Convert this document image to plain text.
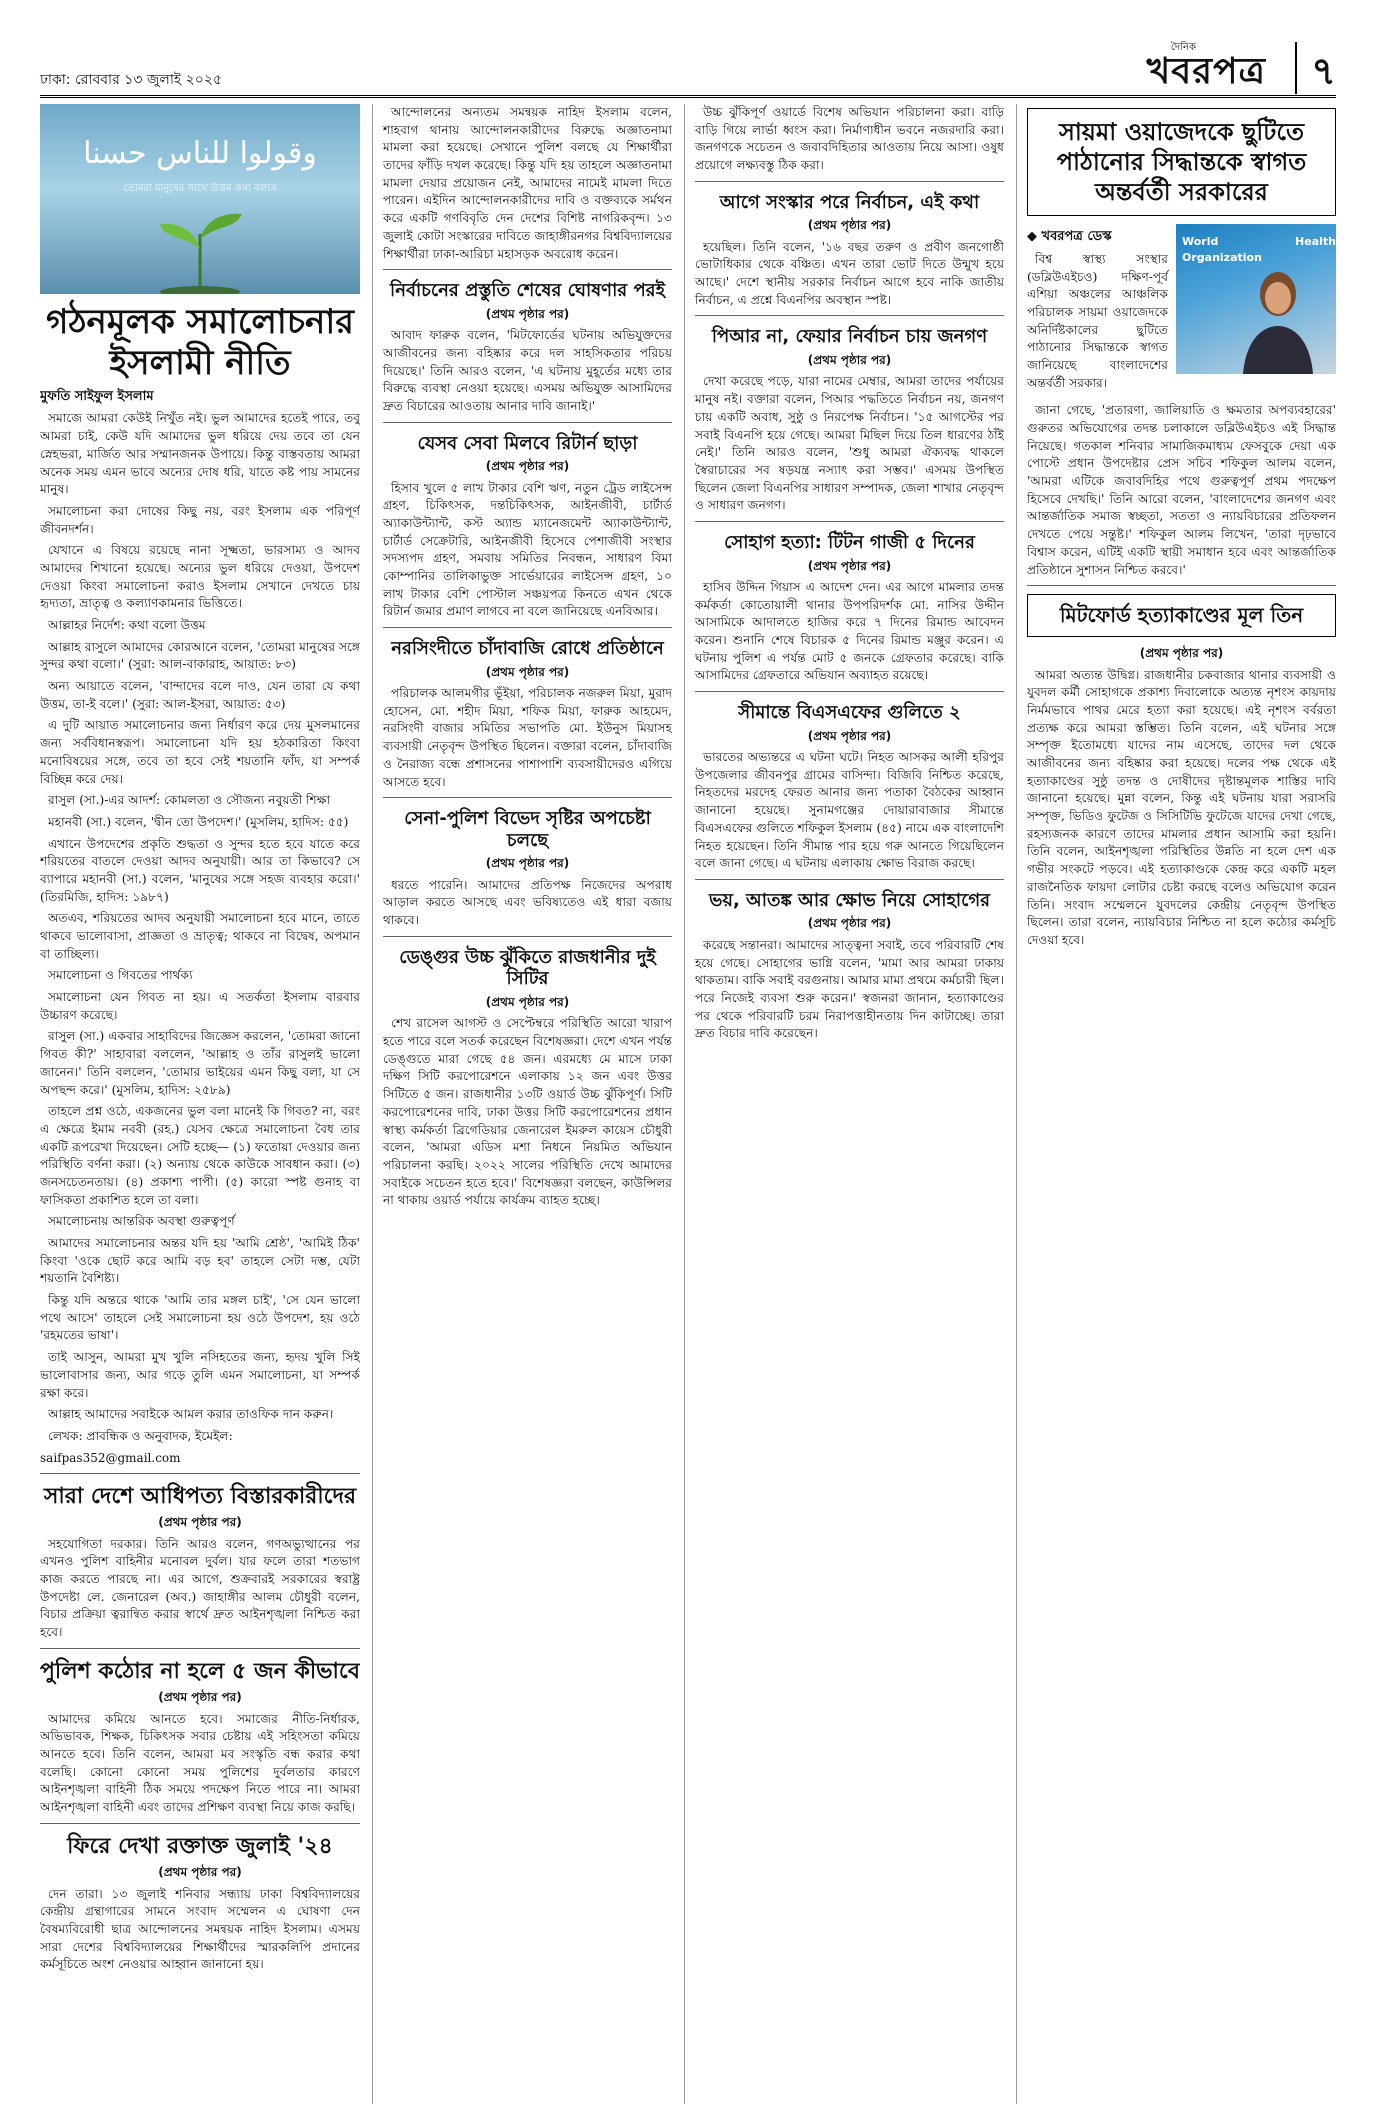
ঢাকা: রোববার ১৩ জুলাই ২০২৫
দৈনিক
খবরপত্র	৭
وقولوا للناس حسنا
তোমরা মানুষের সাথে উত্তম কথা বলবে
গঠনমূলক সমালোচনার ইসলামী নীতি
মুফতি সাইফুল ইসলাম

সমাজে আমরা কেউই নিখুঁত নই। ভুল আমাদের হতেই পারে, তবু আমরা চাই, কেউ যদি আমাদের ভুল ধরিয়ে দেয় তবে তা যেন স্নেহভরা, মার্জিত আর সম্মানজনক উপায়ে। কিন্তু বাস্তবতায় আমরা অনেক সময় এমন ভাবে অন্যের দোষ ধরি, যাতে কষ্ট পায় সামনের মানুষ।

সমালোচনা করা দোষের কিছু নয়, বরং ইসলাম এক পরিপূর্ণ জীবনদর্শন।

যেখানে এ বিষয়ে রয়েছে নানা সূক্ষ্মতা, ভারসাম্য ও আদব আমাদের শিখানো হয়েছে। অন্যের ভুল ধরিয়ে দেওয়া, উপদেশ দেওয়া কিংবা সমালোচনা করাও ইসলাম সেখানে দেখতে চায় হৃদ্যতা, ভ্রাতৃত্ব ও কল্যাণকামনার ভিত্তিতে।

আল্লাহর নির্দেশ: কথা বলো উত্তম

আল্লাহ রাসুলে আমাদের কোরআনে বলেন, 'তোমরা মানুষের সঙ্গে সুন্দর কথা বলো।' (সুরা: আল-বাকারাহ, আয়াত: ৮৩)

অন্য আয়াতে বলেন, 'বান্দাদের বলে দাও, যেন তারা যে কথা উত্তম, তা-ই বলে।' (সুরা: আল-ইসরা, আয়াত: ৫৩)

এ দুটি আয়াত সমালোচনার জন্য নির্ধারণ করে দেয় মুসলমানের জন্য সর্ববিধানস্বরূপ। সমালোচনা যদি হয় হঠকারিতা কিংবা মনোবিষয়ের সঙ্গে, তবে তা হবে সেই শয়তানি ফাঁদ, যা সম্পর্ক বিচ্ছিন্ন করে দেয়।

রাসুল (সা.)-এর আদর্শ: কোমলতা ও সৌজন্য নবুয়তী শিক্ষা

মহানবী (সা.) বলেন, 'দ্বীন তো উপদেশ।' (মুসলিম, হাদিস: ৫৫)

এখানে উপদেশের প্রকৃতি শুদ্ধতা ও সুন্দর হতে হবে যাতে করে শরিয়তের বাতলে দেওয়া আদব অনুযায়ী। আর তা কিভাবে? সে ব্যাপারে মহানবী (সা.) বলেন, 'মানুষের সঙ্গে সহজ ব্যবহার করো।' (তিরমিজি, হাদিস: ১৯৮৭)

অতএব, শরিয়তের আদব অনুযায়ী সমালোচনা হবে মানে, তাতে থাকবে ভালোবাসা, প্রাজ্ঞতা ও ভ্রাতৃত্ব; থাকবে না বিদ্বেষ, অপমান বা তাচ্ছিল্য।

সমালোচনা ও গিবতের পার্থক্য

সমালোচনা যেন গিবত না হয়। এ সতর্কতা ইসলাম বারবার উচ্চারণ করেছে।

রাসুল (সা.) একবার সাহাবিদের জিজ্ঞেস করলেন, 'তোমরা জানো গিবত কী?' সাহাবারা বললেন, 'আল্লাহ ও তাঁর রাসুলই ভালো জানেন।' তিনি বললেন, 'তোমার ভাইয়ের এমন কিছু বলা, যা সে অপছন্দ করে।' (মুসলিম, হাদিস: ২৫৮৯)

তাহলে প্রশ্ন ওঠে, একজনের ভুল বলা মানেই কি গিবত? না, বরং এ ক্ষেত্রে ইমাম নববী (রহ.) যেসব ক্ষেত্রে সমালোচনা বৈধ তার একটি রূপরেখা দিয়েছেন। সেটি হচ্ছে— (১) ফতোয়া দেওয়ার জন্য পরিস্থিতি বর্ণনা করা। (২) অন্যায় থেকে কাউকে সাবধান করা। (৩) জনসচেতনতায়। (৪) প্রকাশ্য পাপী। (৫) কারো স্পষ্ট গুনাহ বা ফাসিকতা প্রকাশিত হলে তা বলা।

সমালোচনায় আন্তরিক অবস্থা গুরুত্বপূর্ণ

আমাদের সমালোচনার অন্তর যদি হয় 'আমি শ্রেষ্ঠ', 'আমিই ঠিক' কিংবা 'ওকে ছোট করে আমি বড় হব' তাহলে সেটা দম্ভ, যেটা শয়তানি বৈশিষ্ট্য।

কিন্তু যদি অন্তরে থাকে 'আমি তার মঙ্গল চাই', 'সে যেন ভালো পথে আসে' তাহলে সেই সমালোচনা হয় ওঠে উপদেশ, হয় ওঠে 'রহমতের ভাষা'।

তাই আসুন, আমরা মুখ খুলি নসিহতের জন্য, হৃদয় খুলি সিই ভালোবাসার জন্য, আর গড়ে তুলি এমন সমালোচনা, যা সম্পর্ক রক্ষা করে।

আল্লাহ আমাদের সবাইকে আমল করার তাওফিক দান করুন।

লেখক: প্রাবন্ধিক ও অনুবাদক, ইমেইল:

saifpas352@gmail.com
সারা দেশে আধিপত্য বিস্তারকারীদের
(প্রথম পৃষ্ঠার পর)

সহযোগিতা দরকার। তিনি আরও বলেন, গণঅভ্যুত্থানের পর এখনও পুলিশ বাহিনীর মনোবল দুর্বল। যার ফলে তারা শতভাগ কাজ করতে পারছে না। এর আগে, শুক্রবারই সরকারের স্বরাষ্ট্র উপদেষ্টা লে. জেনারেল (অব.) জাহাঙ্গীর আলম চৌধুরী বলেন, বিচার প্রক্রিয়া ত্বরান্বিত করার স্বার্থে দ্রুত আইনশৃঙ্খলা নিশ্চিত করা হবে।

পুলিশ কঠোর না হলে ৫ জন কীভাবে
(প্রথম পৃষ্ঠার পর)

আমাদের কমিয়ে আনতে হবে। সমাজের নীতি-নির্ধারক, অভিভাবক, শিক্ষক, চিকিৎসক সবার চেষ্টায় এই সহিংসতা কমিয়ে আনতে হবে। তিনি বলেন, আমরা মব সংস্কৃতি বন্ধ করার কথা বলেছি। কোনো কোনো সময় পুলিশের দুর্বলতার কারণে আইনশৃঙ্খলা বাহিনী ঠিক সময়ে পদক্ষেপ নিতে পারে না। আমরা আইনশৃঙ্খলা বাহিনী এবং তাদের প্রশিক্ষণ ব্যবস্থা নিয়ে কাজ করছি।

ফিরে দেখা রক্তাক্ত জুলাই '২৪
(প্রথম পৃষ্ঠার পর)

দেন তারা। ১৩ জুলাই শনিবার সন্ধ্যায় ঢাকা বিশ্ববিদ্যালয়ের কেন্দ্রীয় গ্রন্থাগারের সামনে সংবাদ সম্মেলন এ ঘোষণা দেন বৈষম্যবিরোধী ছাত্র আন্দোলনের সমন্বয়ক নাহিদ ইসলাম। এসময় সারা দেশের বিশ্ববিদ্যালয়ের শিক্ষার্থীদের স্মারকলিপি প্রদানের কর্মসূচিতে অংশ নেওয়ার আহ্বান জানানো হয়।

আন্দোলনের অন্যতম সমন্বয়ক নাহিদ ইসলাম বলেন, শাহবাগ থানায় আন্দোলনকারীদের বিরুদ্ধে অজ্ঞাতনামা মামলা করা হয়েছে। সেখানে পুলিশ বলছে যে শিক্ষার্থীরা তাদের ফাঁড়ি দখল করেছে। কিন্তু যদি হয় তাহলে অজ্ঞাতনামা মামলা দেয়ার প্রয়োজন নেই, আমাদের নামেই মামলা দিতে পারেন। এইদিন আন্দোলনকারীদের দাবি ও বক্তব্যকে সর্মথন করে একটি গণবিবৃতি দেন দেশের বিশিষ্ট নাগরিকবৃন্দ। ১৩ জুলাই কোটা সংস্কারের দাবিতে জাহাঙ্গীরনগর বিশ্ববিদ্যালয়ের শিক্ষার্থীরা ঢাকা-আরিচা মহাসড়ক অবরোধ করেন।

নির্বাচনের প্রস্তুতি শেষের ঘোষণার পরই
(প্রথম পৃষ্ঠার পর)

আবাদ ফারুক বলেন, 'মিটফোর্ডের ঘটনায় অভিযুক্তদের আজীবনের জন্য বহিষ্কার করে দল সাহসিকতার পরিচয় দিয়েছে।' তিনি আরও বলেন, 'এ ঘটনায় মুহূর্তের মধ্যে তার বিরুদ্ধে ব্যবস্থা নেওয়া হয়েছে। এসময় অভিযুক্ত আসামিদের দ্রুত বিচারের আওতায় আনার দাবি জানাই।'

যেসব সেবা মিলবে রিটার্ন ছাড়া
(প্রথম পৃষ্ঠার পর)

হিসাব খুলে ৫ লাখ টাকার বেশি ঋণ, নতুন ট্রেড লাইসেন্স গ্রহণ, চিকিৎসক, দন্তচিকিৎসক, আইনজীবী, চার্টার্ড অ্যাকাউন্ট্যান্ট, কস্ট অ্যান্ড ম্যানেজমেন্ট অ্যাকাউন্ট্যান্ট, চার্টার্ড সেক্রেটারি, আইনজীবী হিসেবে পেশাজীবী সংস্থার সদস্যপদ গ্রহণ, সমবায় সমিতির নিবন্ধন, সাধারণ বিমা কোম্পানির তালিকাভুক্ত সার্ভেয়ারের লাইসেন্স গ্রহণ, ১০ লাখ টাকার বেশি পোস্টাল সঞ্চয়পত্র কিনতে এখন থেকে রিটার্ন জমার প্রমাণ লাগবে না বলে জানিয়েছে এনবিআর।

নরসিংদীতে চাঁদাবাজি রোধে প্রতিষ্ঠানে
(প্রথম পৃষ্ঠার পর)

পরিচালক আলমগীর ভূঁইয়া, পরিচালক নজরুল মিয়া, মুরাদ হোসেন, মো. শহীদ মিয়া, শফিক মিয়া, ফারুক আহমেদ, নরসিংদী বাজার সমিতির সভাপতি মো. ইউনুস মিয়াসহ ব্যবসায়ী নেতৃবৃন্দ উপস্থিত ছিলেন। বক্তারা বলেন, চাঁদাবাজি ও নৈরাজ্য বন্ধে প্রশাসনের পাশাপাশি ব্যবসায়ীদেরও এগিয়ে আসতে হবে।

সেনা-পুলিশ বিভেদ সৃষ্টির অপচেষ্টা চলছে
(প্রথম পৃষ্ঠার পর)

ধরতে পারেনি। আমাদের প্রতিপক্ষ নিজেদের অপরাধ আড়াল করতে আসছে এবং ভবিষ্যতেও এই ধারা বজায় থাকবে।

ডেঙ্গুর উচ্চ ঝুঁকিতে রাজধানীর দুই সিটির
(প্রথম পৃষ্ঠার পর)

শেখ রাসেল আগস্ট ও সেপ্টেম্বরে পরিস্থিতি আরো খারাপ হতে পারে বলে সতর্ক করেছেন বিশেষজ্ঞরা। দেশে এখন পর্যন্ত ডেঙ্গুতে মারা গেছে ৫৪ জন। এরমধ্যে মে মাসে ঢাকা দক্ষিণ সিটি করপোরেশনে এলাকায় ১২ জন এবং উত্তর সিটিতে ৫ জন। রাজধানীর ১৩টি ওয়ার্ড উচ্চ ঝুঁকিপূর্ণ। সিটি করপোরেশনের দাবি, ঢাকা উত্তর সিটি করপোরেশনের প্রধান স্বাস্থ্য কর্মকর্তা ব্রিগেডিয়ার জেনারেল ইমরুল কায়েস চৌধুরী বলেন, 'আমরা এডিস মশা নিধনে নিয়মিত অভিযান পরিচালনা করছি। ২০২২ সালের পরিস্থিতি দেখে আমাদের সবাইকে সচেতন হতে হবে।' বিশেষজ্ঞরা বলছেন, কাউন্সিলর না থাকায় ওয়ার্ড পর্যায়ে কার্যক্রম ব্যাহত হচ্ছে।

উচ্চ ঝুঁকিপূর্ণ ওয়ার্ডে বিশেষ অভিযান পরিচালনা করা। বাড়ি বাড়ি গিয়ে লার্ভা ধ্বংস করা। নির্মাণাধীন ভবনে নজরদারি করা। জনগণকে সচেতন ও জবাবদিহিতার আওতায় নিয়ে আসা। ওষুধ প্রয়োগে লক্ষ্যবস্তু ঠিক করা।

আগে সংস্কার পরে নির্বাচন, এই কথা
(প্রথম পৃষ্ঠার পর)

হয়েছিল। তিনি বলেন, '১৬ বছর তরুণ ও প্রবীণ জনগোষ্ঠী ভোটাধিকার থেকে বঞ্চিত। এখন তারা ভোট দিতে উন্মুখ হয়ে আছে।' দেশে স্থানীয় সরকার নির্বাচন আগে হবে নাকি জাতীয় নির্বাচন, এ প্রশ্নে বিএনপির অবস্থান স্পষ্ট।

পিআর না, ফেয়ার নির্বাচন চায় জনগণ
(প্রথম পৃষ্ঠার পর)

দেখা করেছে পড়ে, যারা নামের মেম্বার, আমরা তাদের পর্যায়ের মানুষ নই। বক্তারা বলেন, পিআর পদ্ধতিতে নির্বাচন নয়, জনগণ চায় একটি অবাধ, সুষ্ঠু ও নিরপেক্ষ নির্বাচন। '১৫ আগস্টের পর সবাই বিএনপি হয়ে গেছে। আমরা মিছিল দিয়ে তিল ধারণের ঠাঁই নেই।' তিনি আরও বলেন, 'শুধু আমরা ঐক্যবদ্ধ থাকলে স্বৈরাচারের সব ষড়যন্ত্র নস্যাৎ করা সম্ভব।' এসময় উপস্থিত ছিলেন জেলা বিএনপির সাধারণ সম্পাদক, জেলা শাখার নেতৃবৃন্দ ও সাধারণ জনগণ।

সোহাগ হত্যা: টিটন গাজী ৫ দিনের
(প্রথম পৃষ্ঠার পর)

হাসিব উদ্দিন গিয়াস এ আদেশ দেন। এর আগে মামলার তদন্ত কর্মকর্তা কোতোয়ালী থানার উপপরিদর্শক মো. নাসির উদ্দীন আসামিকে আদালতে হাজির করে ৭ দিনের রিমান্ড আবেদন করেন। শুনানি শেষে বিচারক ৫ দিনের রিমান্ড মঞ্জুর করেন। এ ঘটনায় পুলিশ এ পর্যন্ত মোট ৫ জনকে গ্রেফতার করেছে। বাকি আসামিদের গ্রেফতারে অভিযান অব্যাহত রয়েছে।

সীমান্তে বিএসএফের গুলিতে ২
(প্রথম পৃষ্ঠার পর)

ভারতের অভ্যন্তরে এ ঘটনা ঘটে। নিহত আসকর আলী হরিপুর উপজেলার জীবনপুর গ্রামের বাসিন্দা। বিজিবি নিশ্চিত করেছে, নিহতদের মরদেহ ফেরত আনার জন্য পতাকা বৈঠকের আহ্বান জানানো হয়েছে। সুনামগঞ্জের দোয়ারাবাজার সীমান্তে বিএসএফের গুলিতে শফিকুল ইসলাম (৪৫) নামে এক বাংলাদেশি নিহত হয়েছেন। তিনি সীমান্ত পার হয়ে গরু আনতে গিয়েছিলেন বলে জানা গেছে। এ ঘটনায় এলাকায় ক্ষোভ বিরাজ করছে।

ভয়, আতঙ্ক আর ক্ষোভ নিয়ে সোহাগের
(প্রথম পৃষ্ঠার পর)

করেছে সন্তানরা। আমাদের সাত্ত্বনা সবাই, তবে পরিবারটি শেষ হয়ে গেছে। সোহাগের ভাগ্নি বলেন, 'মামা আর আমরা ঢাকায় থাকতাম। বাকি সবাই বরগুনায়। আমার মামা প্রথমে কর্মচারী ছিল। পরে নিজেই ব্যবসা শুরু করেন।' স্বজনরা জানান, হত্যাকাণ্ডের পর থেকে পরিবারটি চরম নিরাপত্তাহীনতায় দিন কাটাচ্ছে। তারা দ্রুত বিচার দাবি করেছেন।

সায়মা ওয়াজেদকে ছুটিতে পাঠানোর সিদ্ধান্তকে স্বাগত অন্তর্বর্তী সরকারের
◆ খবরপত্র ডেস্ক

বিশ্ব স্বাস্থ্য সংস্থার (ডব্লিউএইচও) দক্ষিণ-পূর্ব এশিয়া অঞ্চলের আঞ্চলিক পরিচালক সায়মা ওয়াজেদকে অনির্দিষ্টকালের ছুটিতে পাঠানোর সিদ্ধান্তকে স্বাগত জানিয়েছে বাংলাদেশের অন্তর্বর্তী সরকার।

World Health Organization

জানা গেছে, 'প্রতারণা, জালিয়াতি ও ক্ষমতার অপব্যবহারের' গুরুতর অভিযোগের তদন্ত চলাকালে ডব্লিউএইচও এই সিদ্ধান্ত নিয়েছে। গতকাল শনিবার সামাজিকমাধ্যম ফেসবুকে দেয়া এক পোস্টে প্রধান উপদেষ্টার প্রেস সচিব শফিকুল আলম বলেন, 'আমরা এটিকে জবাবদিহির পথে গুরুত্বপূর্ণ প্রথম পদক্ষেপ হিসেবে দেখছি।' তিনি আরো বলেন, 'বাংলাদেশের জনগণ এবং আন্তর্জাতিক সমাজ স্বচ্ছতা, সততা ও ন্যায়বিচারের প্রতিফলন দেখতে পেয়ে সন্তুষ্ট।' শফিকুল আলম লিখেন, 'তারা দৃঢ়ভাবে বিশ্বাস করেন, এটিই একটি স্থায়ী সমাধান হবে এবং আন্তর্জাতিক প্রতিষ্ঠানে সুশাসন নিশ্চিত করবে।'

মিটফোর্ড হত্যাকাণ্ডের মূল তিন
(প্রথম পৃষ্ঠার পর)

আমরা অত্যন্ত উদ্বিগ্ন। রাজধানীর চকবাজার থানার ব্যবসায়ী ও যুবদল কর্মী সোহাগকে প্রকাশ্য দিবালোকে অত্যন্ত নৃশংস কায়দায় নির্মমভাবে পাথর মেরে হত্যা করা হয়েছে। এই নৃশংস বর্বরতা প্রত্যক্ষ করে আমরা স্তম্ভিত। তিনি বলেন, এই ঘটনার সঙ্গে সম্পৃক্ত ইতোমধ্যে যাদের নাম এসেছে, তাদের দল থেকে আজীবনের জন্য বহিষ্কার করা হয়েছে। দলের পক্ষ থেকে এই হত্যাকাণ্ডের সুষ্ঠু তদন্ত ও দোষীদের দৃষ্টান্তমূলক শাস্তির দাবি জানানো হয়েছে। মুন্না বলেন, কিন্তু এই ঘটনায় যারা সরাসরি সম্পৃক্ত, ভিডিও ফুটেজ ও সিসিটিভি ফুটেজে যাদের দেখা গেছে, রহস্যজনক কারণে তাদের মামলার প্রধান আসামি করা হয়নি। তিনি বলেন, আইনশৃঙ্খলা পরিস্থিতির উন্নতি না হলে দেশ এক গভীর সংকটে পড়বে। এই হত্যাকাণ্ডকে কেন্দ্র করে একটি মহল রাজনৈতিক ফায়দা লোটার চেষ্টা করছে বলেও অভিযোগ করেন তিনি। সংবাদ সম্মেলনে যুবদলের কেন্দ্রীয় নেতৃবৃন্দ উপস্থিত ছিলেন। তারা বলেন, ন্যায়বিচার নিশ্চিত না হলে কঠোর কর্মসূচি দেওয়া হবে।
